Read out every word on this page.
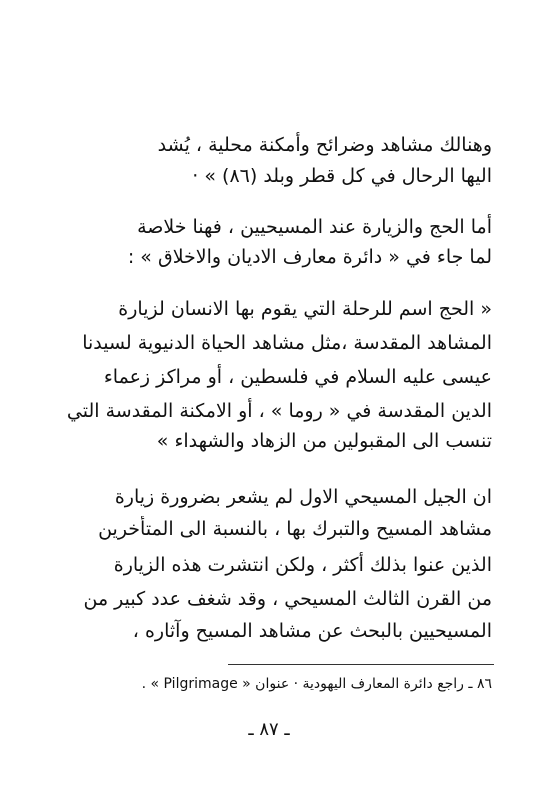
وهنالك مشاهد وضرائح وأمكنة محلية ، يُشد
اليها الرحال في كل قطر وبلد (٨٦) » ·
أما الحج والزيارة عند المسيحيين ، فهنا خلاصة
لما جاء في « دائرة معارف الاديان والاخلاق » :
« الحج اسم للرحلة التي يقوم بها الانسان لزيارة
المشاهد المقدسة ،مثل مشاهد الحياة الدنيوية لسيدنا
عيسى عليه السلام في فلسطين ، أو مراكز زعماء
الدين المقدسة في « روما » ، أو الامكنة المقدسة التي
تنسب الى المقبولين من الزهاد والشهداء »
ان الجيل المسيحي الاول لم يشعر بضرورة زيارة
مشاهد المسيح والتبرك بها ، بالنسبة الى المتأخرين
الذين عنوا بذلك أكثر ، ولكن انتشرت هذه الزيارة
من القرن الثالث المسيحي ، وقد شغف عدد كبير من
المسيحيين بالبحث عن مشاهد المسيح وآثاره ،
٨٦ ـ راجع دائرة المعارف اليهودية · عنوان « Pilgrimage » .
ـ ٨٧ ـ
